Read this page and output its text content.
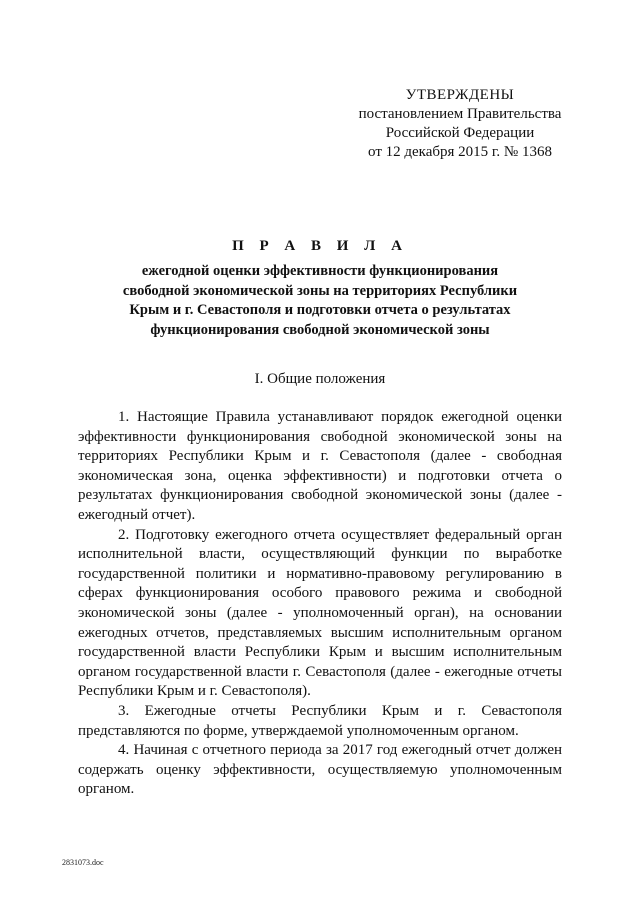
УТВЕРЖДЕНЫ
постановлением Правительства
Российской Федерации
от 12 декабря 2015 г. № 1368
П Р А В И Л А
ежегодной оценки эффективности функционирования свободной экономической зоны на территориях Республики Крым и г. Севастополя и подготовки отчета о результатах функционирования свободной экономической зоны
I. Общие положения

1. Настоящие Правила устанавливают порядок ежегодной оценки эффективности функционирования свободной экономической зоны на территориях Республики Крым и г. Севастополя (далее - свободная экономическая зона, оценка эффективности) и подготовки отчета о результатах функционирования свободной экономической зоны (далее - ежегодный отчет).

2. Подготовку ежегодного отчета осуществляет федеральный орган исполнительной власти, осуществляющий функции по выработке государственной политики и нормативно-правовому регулированию в сферах функционирования особого правового режима и свободной экономической зоны (далее - уполномоченный орган), на основании ежегодных отчетов, представляемых высшим исполнительным органом государственной власти Республики Крым и высшим исполнительным органом государственной власти г. Севастополя (далее - ежегодные отчеты Республики Крым и г. Севастополя).

3. Ежегодные отчеты Республики Крым и г. Севастополя представляются по форме, утверждаемой уполномоченным органом.

4. Начиная с отчетного периода за 2017 год ежегодный отчет должен содержать оценку эффективности, осуществляемую уполномоченным органом.

2831073.doc
